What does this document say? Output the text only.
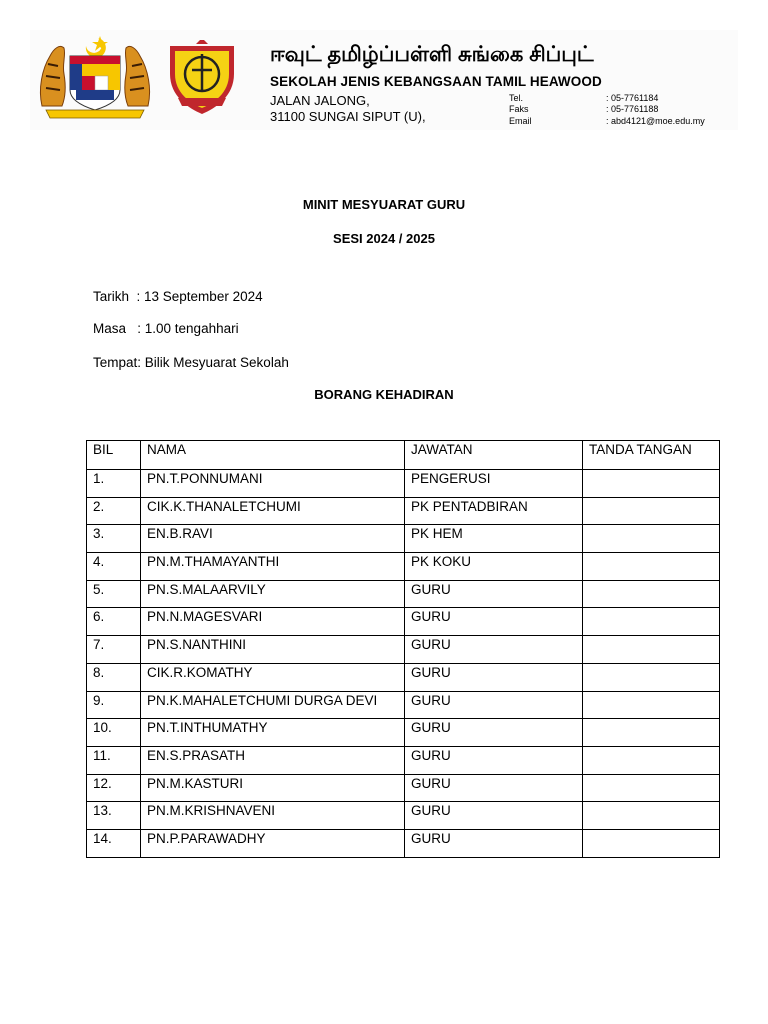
ஈவுட் தமிழ்ப்பள்ளி சுங்கை சிப்புட்
SEKOLAH JENIS KEBANGSAAN TAMIL HEAWOOD
JALAN JALONG,
31100 SUNGAI SIPUT (U),
Tel.	: 05-7761184
Faks	: 05-7761188
Email	: abd4121@moe.edu.my
MINIT MESYUARAT GURU
SESI 2024 / 2025
Tarikh  : 13 September 2024
Masa   : 1.00 tengahhari
Tempat: Bilik Mesyuarat Sekolah
BORANG KEHADIRAN
BIL	NAMA	JAWATAN	TANDA TANGAN
1.	PN.T.PONNUMANI	PENGERUSI	
2.	CIK.K.THANALETCHUMI	PK PENTADBIRAN	
3.	EN.B.RAVI	PK HEM	
4.	PN.M.THAMAYANTHI	PK KOKU	
5.	PN.S.MALAARVILY	GURU	
6.	PN.N.MAGESVARI	GURU	
7.	PN.S.NANTHINI	GURU	
8.	CIK.R.KOMATHY	GURU	
9.	PN.K.MAHALETCHUMI DURGA DEVI	GURU	
10.	PN.T.INTHUMATHY	GURU	
11.	EN.S.PRASATH	GURU	
12.	PN.M.KASTURI	GURU	
13.	PN.M.KRISHNAVENI	GURU	
14.	PN.P.PARAWADHY	GURU	
